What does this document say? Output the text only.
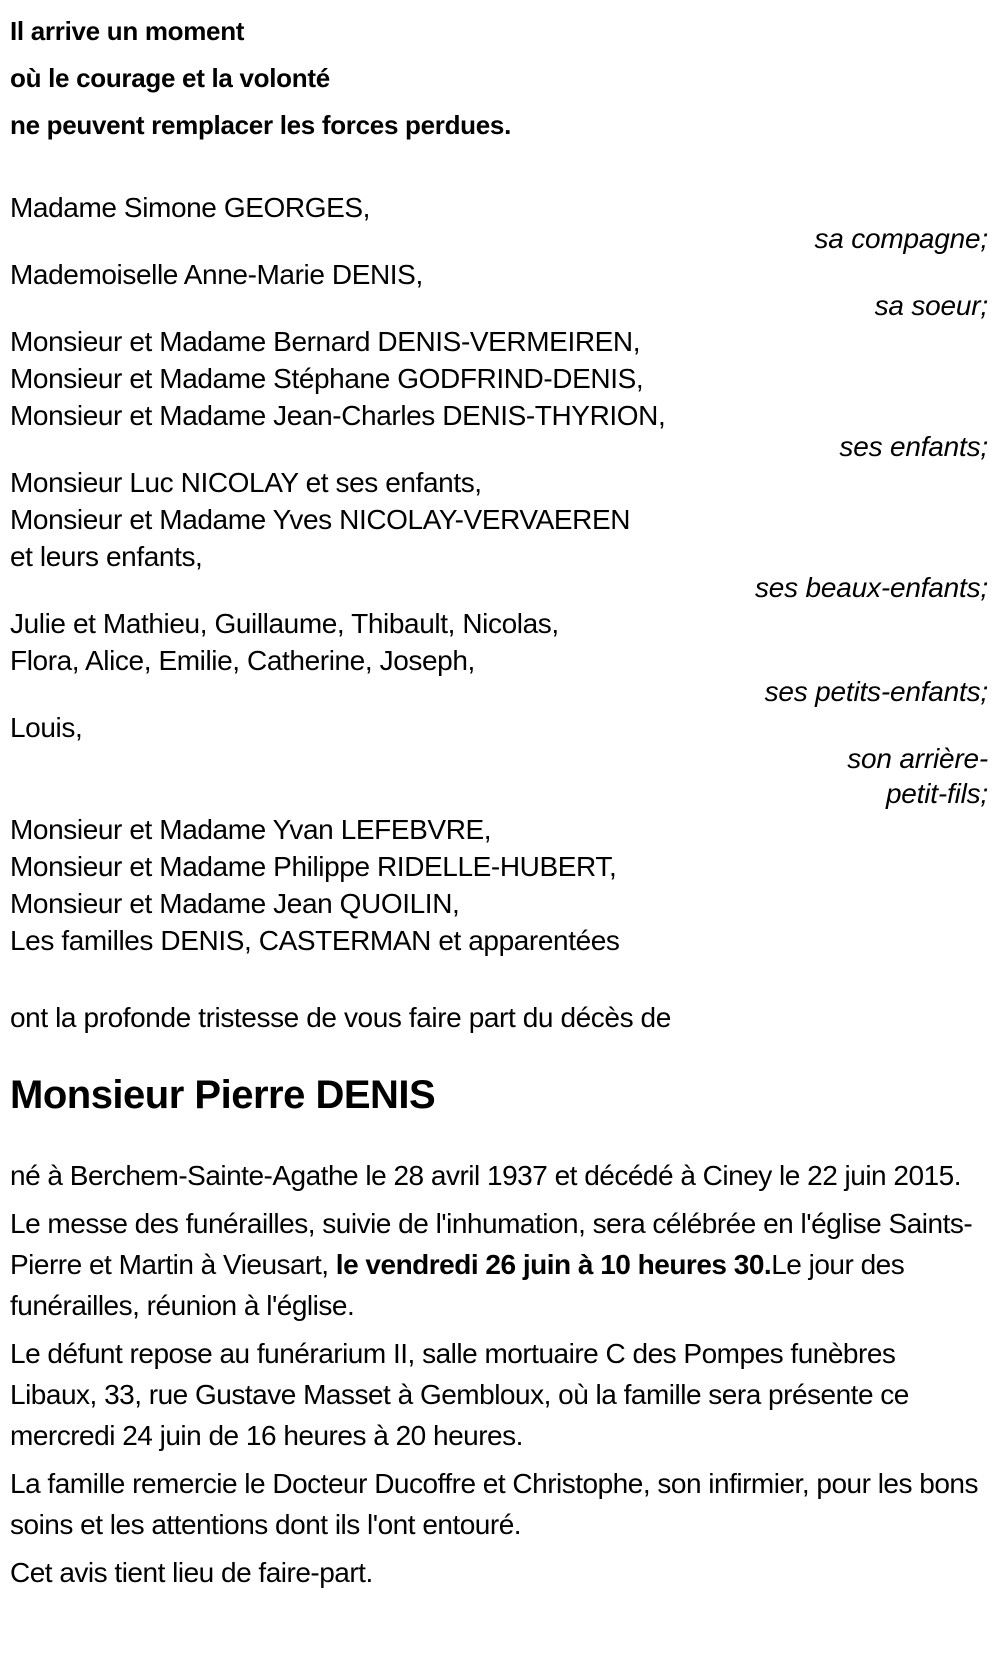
Il arrive un moment

où le courage et la volonté

ne peuvent remplacer les forces perdues.

Madame Simone GEORGES,

sa compagne;

Mademoiselle Anne-Marie DENIS,

sa soeur;

Monsieur et Madame Bernard DENIS-VERMEIREN,

Monsieur et Madame Stéphane GODFRIND-DENIS,

Monsieur et Madame Jean-Charles DENIS-THYRION,

ses enfants;

Monsieur Luc NICOLAY et ses enfants,

Monsieur et Madame Yves NICOLAY-VERVAEREN

et leurs enfants,

ses beaux-enfants;

Julie et Mathieu, Guillaume, Thibault, Nicolas,

Flora, Alice, Emilie, Catherine, Joseph,

ses petits-enfants;

Louis,

son arrière-

petit-fils;

Monsieur et Madame Yvan LEFEBVRE,

Monsieur et Madame Philippe RIDELLE-HUBERT,

Monsieur et Madame Jean QUOILIN,

Les familles DENIS, CASTERMAN et apparentées

ont la profonde tristesse de vous faire part du décès de

Monsieur Pierre DENIS

né à Berchem-Sainte-Agathe le 28 avril 1937 et décédé à Ciney le 22 juin 2015.

Le messe des funérailles, suivie de l'inhumation, sera célébrée en l'église Saints-Pierre et Martin à Vieusart, le vendredi 26 juin à 10 heures 30.Le jour des funérailles, réunion à l'église.

Le défunt repose au funérarium II, salle mortuaire C des Pompes funèbres Libaux, 33, rue Gustave Masset à Gembloux, où la famille sera présente ce mercredi 24 juin de 16 heures à 20 heures.

La famille remercie le Docteur Ducoffre et Christophe, son infirmier, pour les bons soins et les attentions dont ils l'ont entouré.

Cet avis tient lieu de faire-part.
